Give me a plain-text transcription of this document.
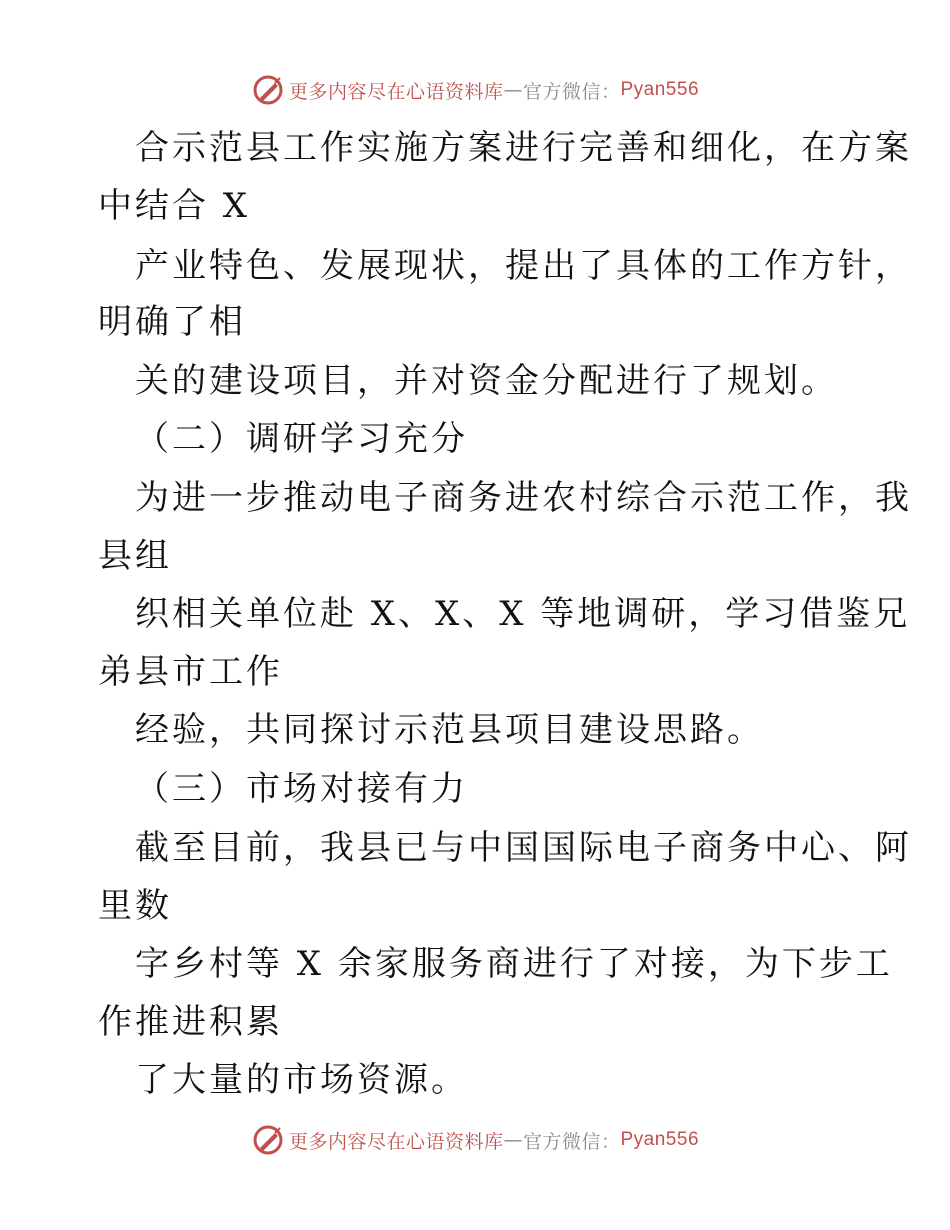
更多内容尽在心语资料库 — 官方微信： Pyan556
合示范县工作实施方案进行完善和细化，在方案
中结合 X
产业特色、发展现状，提出了具体的工作方针，
明确了相
关的建设项目，并对资金分配进行了规划。
（二）调研学习充分
为进一步推动电子商务进农村综合示范工作，我
县组
织相关单位赴 X、X、X 等地调研，学习借鉴兄
弟县市工作
经验，共同探讨示范县项目建设思路。
（三）市场对接有力
截至目前，我县已与中国国际电子商务中心、阿
里数
字乡村等 X 余家服务商进行了对接，为下步工
作推进积累
了大量的市场资源。
更多内容尽在心语资料库 — 官方微信： Pyan556
